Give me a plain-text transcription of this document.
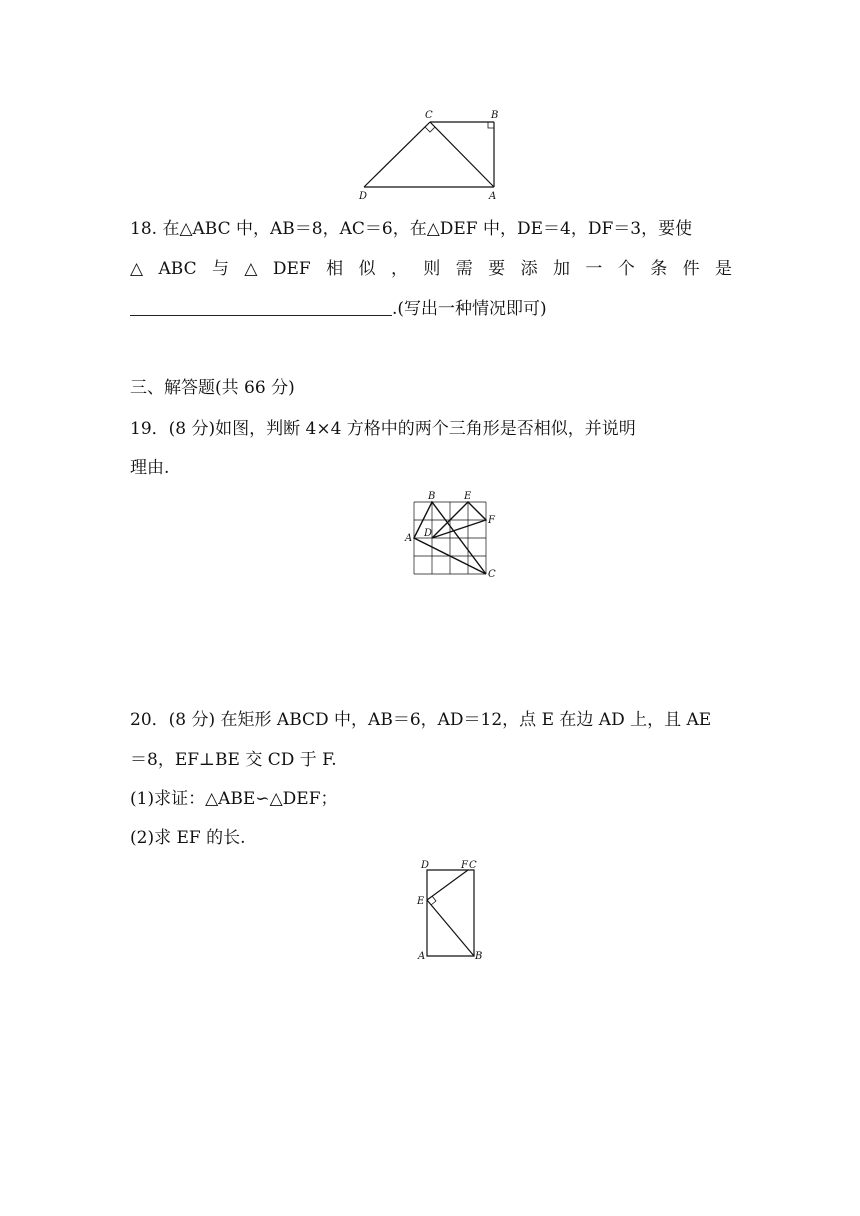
C	B
D	A
18. 在△ABC 中，AB＝8，AC＝6，在△DEF 中，DE＝4，DF＝3，要使
△ ABC 与 △ DEF 相 似 ， 则 需 要 添 加 一 个 条 件 是
.(写出一种情况即可)
三、解答题(共 66 分)
19．(8 分)如图，判断 4×4 方格中的两个三角形是否相似，并说明
理由.
B	E
F
A D
C
20．(8 分) 在矩形 ABCD 中，AB＝6，AD＝12，点 E 在边 AD 上，且 AE
＝8，EF⊥BE 交 CD 于 F.
(1)求证：△ABE∽△DEF；
(2)求 EF 的长.
D	F C
E
A	B
